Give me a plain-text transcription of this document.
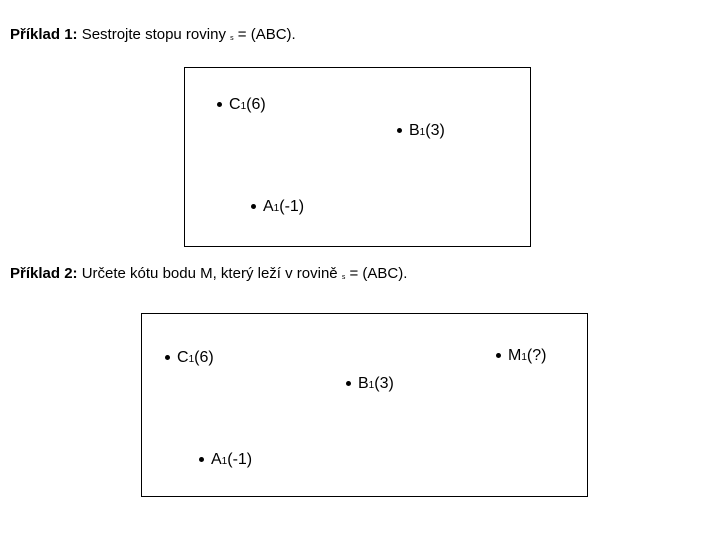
Příklad 1: Sestrojte stopu roviny s = (ABC).
C1(6)
B1(3)
A1(-1)
Příklad 2: Určete kótu bodu M, který leží v rovině s = (ABC).
C1(6)
B1(3)
A1(-1)
M1(?)
